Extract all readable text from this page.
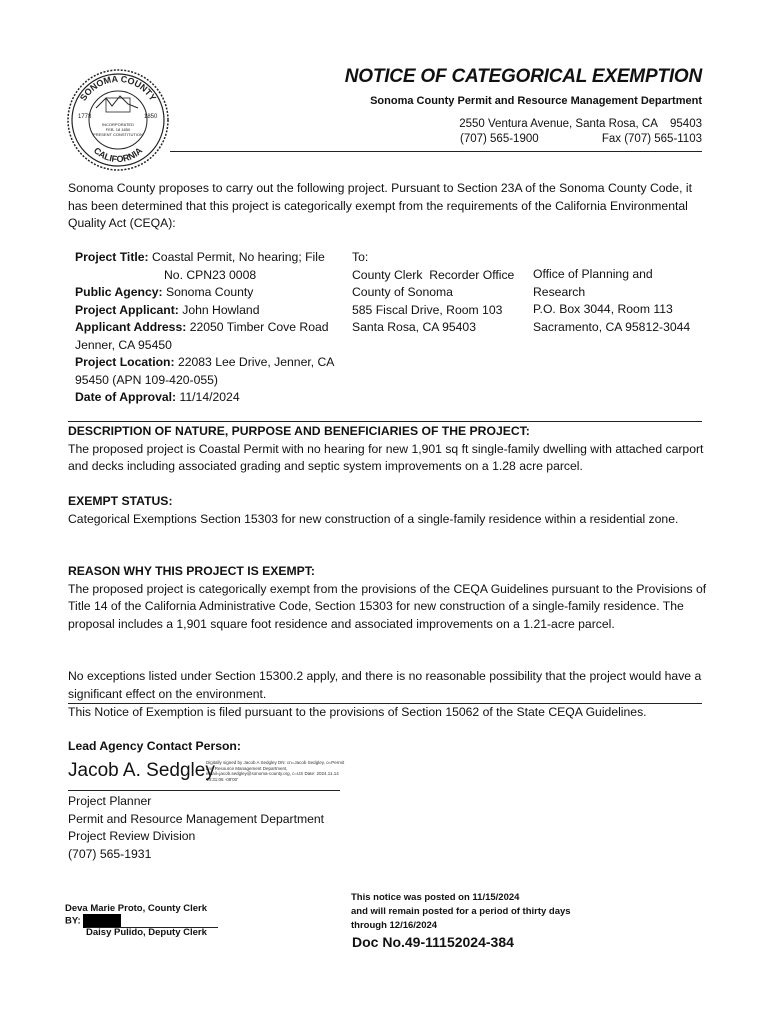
SONOMA COUNTY
CALIFORNIA
1778	1850
INCORPORATED
FEB. 18 1850
PRESENT CONSTITUTION
NOTICE OF CATEGORICAL EXEMPTION
Sonoma County Permit and Resource Management Department
2550 Ventura Avenue, Santa Rosa, CA    95403
(707) 565-1900	Fax (707) 565-1103
Sonoma County proposes to carry out the following project. Pursuant to Section 23A of the Sonoma County Code, it has been determined that this project is categorically exempt from the requirements of the California Environmental Quality Act (CEQA):
Project Title: Coastal Permit, No hearing; File
No. CPN23 0008
Public Agency: Sonoma County
Project Applicant: John Howland
Applicant Address: 22050 Timber Cove Road
Jenner, CA 95450
Project Location: 22083 Lee Drive, Jenner, CA
95450 (APN 109-420-055)
Date of Approval: 11/14/2024
To:
County Clerk  Recorder Office
County of Sonoma
585 Fiscal Drive, Room 103
Santa Rosa, CA 95403
Office of Planning and
Research
P.O. Box 3044, Room 113
Sacramento, CA 95812-3044
DESCRIPTION OF NATURE, PURPOSE AND BENEFICIARIES OF THE PROJECT:
The proposed project is Coastal Permit with no hearing for new 1,901 sq ft single-family dwelling with attached carport and decks including associated grading and septic system improvements on a 1.28 acre parcel.
EXEMPT STATUS:
Categorical Exemptions Section 15303 for new construction of a single-family residence within a residential zone.
REASON WHY THIS PROJECT IS EXEMPT:
The proposed project is categorically exempt from the provisions of the CEQA Guidelines pursuant to the Provisions of Title 14 of the California Administrative Code, Section 15303 for new construction of a single-family residence. The proposal includes a 1,901 square foot residence and associated improvements on a 1.21-acre parcel.
No exceptions listed under Section 15300.2 apply, and there is no reasonable possibility that the project would have a significant effect on the environment.
This Notice of Exemption is filed pursuant to the provisions of Section 15062 of the State CEQA Guidelines.
Lead Agency Contact Person:
Jacob A. Sedgley
Digitally signed by Jacob A Sedgley DN: cn=Jacob Sedgley, o=Permit and Resource Management Department, email=jacob.sedgley@sonoma-county.org, c=US Date: 2024.11.14 14:31:06 -08'00'
Project Planner
Permit and Resource Management Department
Project Review Division
(707) 565-1931
Deva Marie Proto, County Clerk
BY:
Daisy Pulido, Deputy Clerk
This notice was posted on 11/15/2024
and will remain posted for a period of thirty days
through 12/16/2024
Doc No.49-11152024-384
